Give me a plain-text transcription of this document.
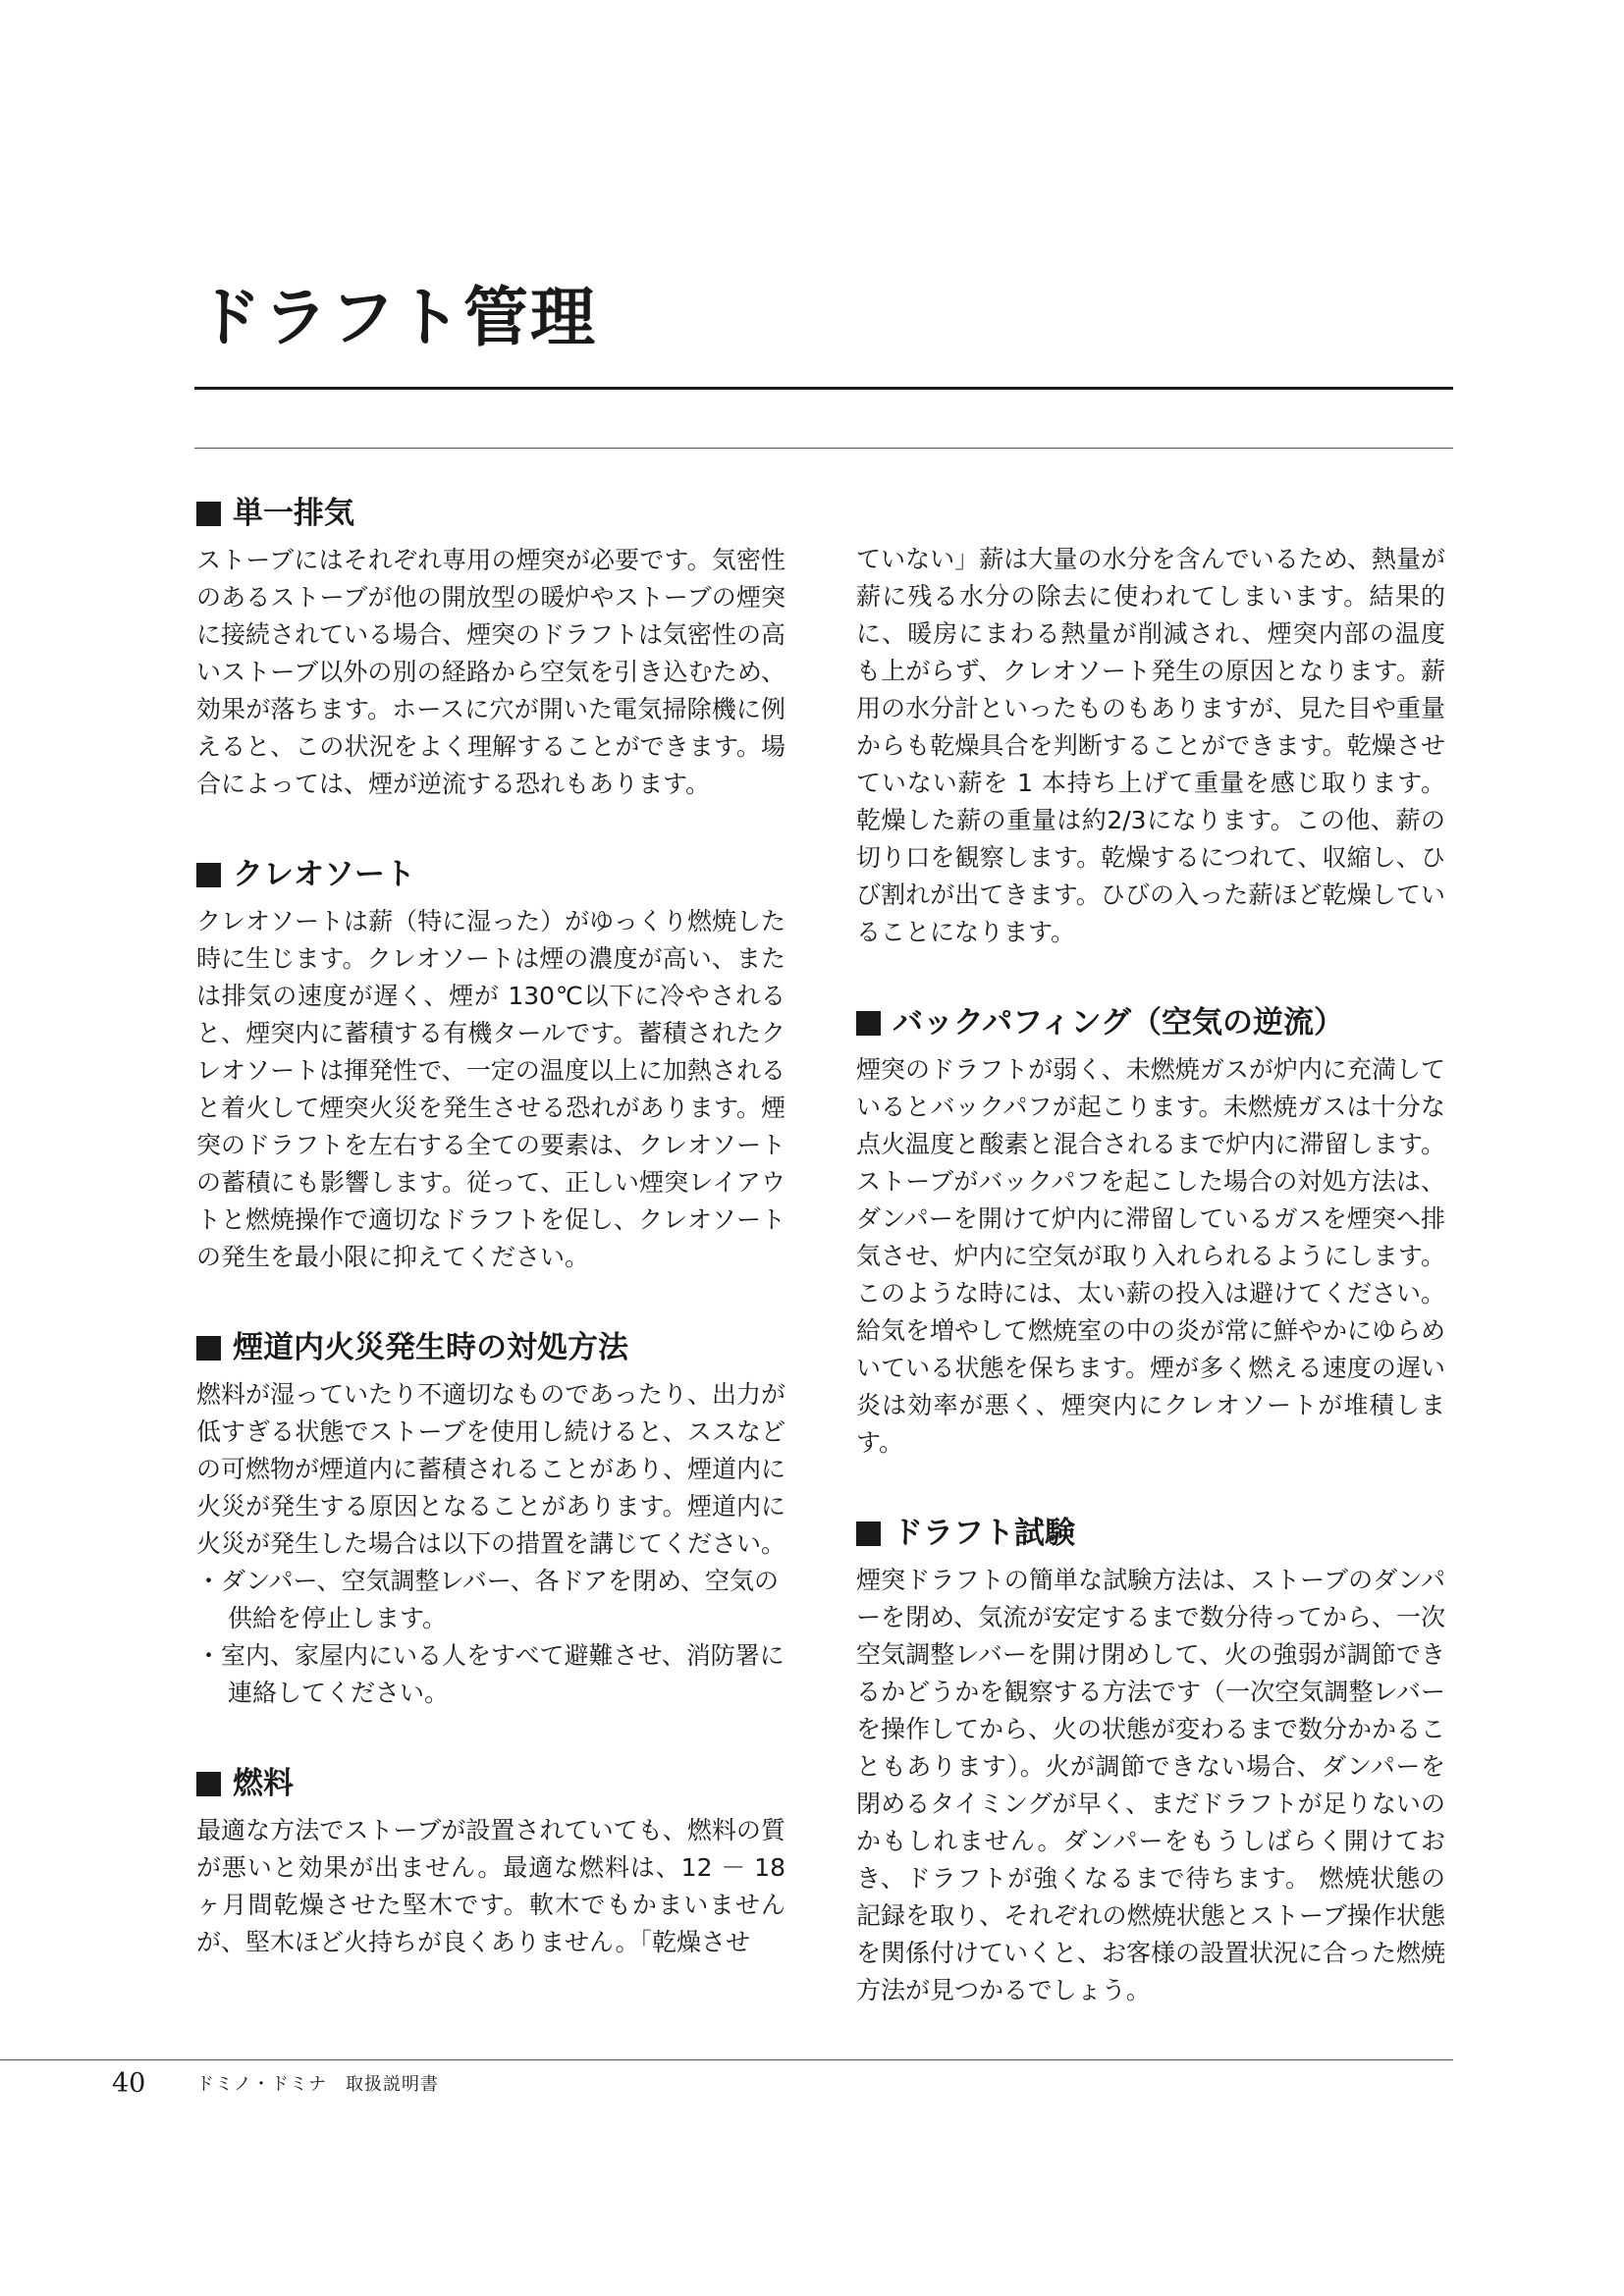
ドラフト管理
単一排気

ストーブにはそれぞれ専用の煙突が必要です。気密性のあるストーブが他の開放型の暖炉やストーブの煙突に接続されている場合、煙突のドラフトは気密性の高いストーブ以外の別の経路から空気を引き込むため、効果が落ちます。ホースに穴が開いた電気掃除機に例えると、この状況をよく理解することができます。場合によっては、煙が逆流する恐れもあります。

クレオソート

クレオソートは薪（特に湿った）がゆっくり燃焼した時に生じます。クレオソートは煙の濃度が高い、または排気の速度が遅く、煙が 130℃以下に冷やされると、煙突内に蓄積する有機タールです。蓄積されたクレオソートは揮発性で、一定の温度以上に加熱されると着火して煙突火災を発生させる恐れがあります。煙突のドラフトを左右する全ての要素は、クレオソートの蓄積にも影響します。従って、正しい煙突レイアウトと燃焼操作で適切なドラフトを促し、クレオソートの発生を最小限に抑えてください。

煙道内火災発生時の対処方法

燃料が湿っていたり不適切なものであったり、出力が低すぎる状態でストーブを使用し続けると、ススなどの可燃物が煙道内に蓄積されることがあり、煙道内に火災が発生する原因となることがあります。煙道内に火災が発生した場合は以下の措置を講じてください。

・ダンパー、空気調整レバー、各ドアを閉め、空気の供給を停止します。
・室内、家屋内にいる人をすべて避難させ、消防署に連絡してください。
燃料

最適な方法でストーブが設置されていても、燃料の質が悪いと効果が出ません。最適な燃料は、12 － 18 ヶ月間乾燥させた堅木です。軟木でもかまいませんが、堅木ほど火持ちが良くありません。「乾燥させ

ていない」薪は大量の水分を含んでいるため、熱量が薪に残る水分の除去に使われてしまいます。結果的に、暖房にまわる熱量が削減され、煙突内部の温度も上がらず、クレオソート発生の原因となります。薪用の水分計といったものもありますが、見た目や重量からも乾燥具合を判断することができます。乾燥させていない薪を 1 本持ち上げて重量を感じ取ります。乾燥した薪の重量は約2/3になります。この他、薪の切り口を観察します。乾燥するにつれて、収縮し、ひび割れが出てきます。ひびの入った薪ほど乾燥していることになります。

バックパフィング（空気の逆流）

煙突のドラフトが弱く、未燃焼ガスが炉内に充満しているとバックパフが起こります。未燃焼ガスは十分な点火温度と酸素と混合されるまで炉内に滞留します。ストーブがバックパフを起こした場合の対処方法は、ダンパーを開けて炉内に滞留しているガスを煙突へ排気させ、炉内に空気が取り入れられるようにします。このような時には、太い薪の投入は避けてください。給気を増やして燃焼室の中の炎が常に鮮やかにゆらめいている状態を保ちます。煙が多く燃える速度の遅い炎は効率が悪く、煙突内にクレオソートが堆積します。

ドラフト試験

煙突ドラフトの簡単な試験方法は、ストーブのダンパーを閉め、気流が安定するまで数分待ってから、一次空気調整レバーを開け閉めして、火の強弱が調節できるかどうかを観察する方法です（一次空気調整レバーを操作してから、火の状態が変わるまで数分かかることもあります）。火が調節できない場合、ダンパーを閉めるタイミングが早く、まだドラフトが足りないのかもしれません。ダンパーをもうしばらく開けておき、ドラフトが強くなるまで待ちます。 燃焼状態の記録を取り、それぞれの燃焼状態とストーブ操作状態を関係付けていくと、お客様の設置状況に合った燃焼方法が見つかるでしょう。

40	ドミノ・ドミナ　取扱説明書
